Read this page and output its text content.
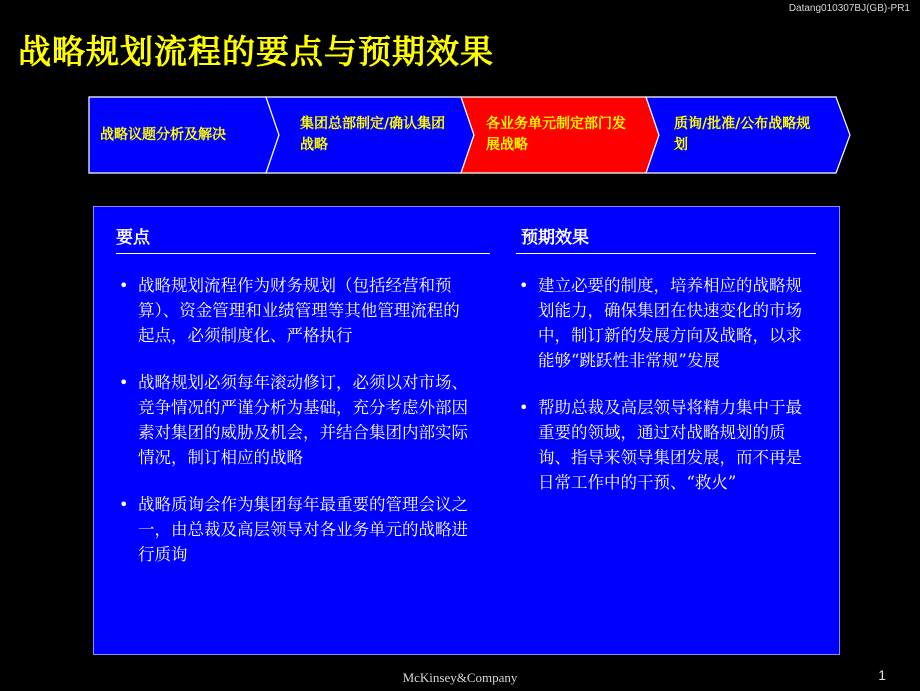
Datang010307BJ(GB)-PR1
战略规划流程的要点与预期效果
战略议题分析及解决
集团总部制定/确认集团战略
各业务单元制定部门发展战略
质询/批准/公布战略规划
要点
• 战略规划流程作为财务规划（包括经营和预算）、资金管理和业绩管理等其他管理流程的起点，必须制度化、严格执行
• 战略规划必须每年滚动修订，必须以对市场、竞争情况的严谨分析为基础，充分考虑外部因素对集团的威胁及机会，并结合集团内部实际情况，制订相应的战略
• 战略质询会作为集团每年最重要的管理会议之一，由总裁及高层领导对各业务单元的战略进行质询
预期效果
• 建立必要的制度，培养相应的战略规划能力，确保集团在快速变化的市场中，制订新的发展方向及战略，以求能够“跳跃性非常规”发展
• 帮助总裁及高层领导将精力集中于最重要的领域，通过对战略规划的质询、指导来领导集团发展，而不再是日常工作中的干预、“救火”
McKinsey&Company	1
